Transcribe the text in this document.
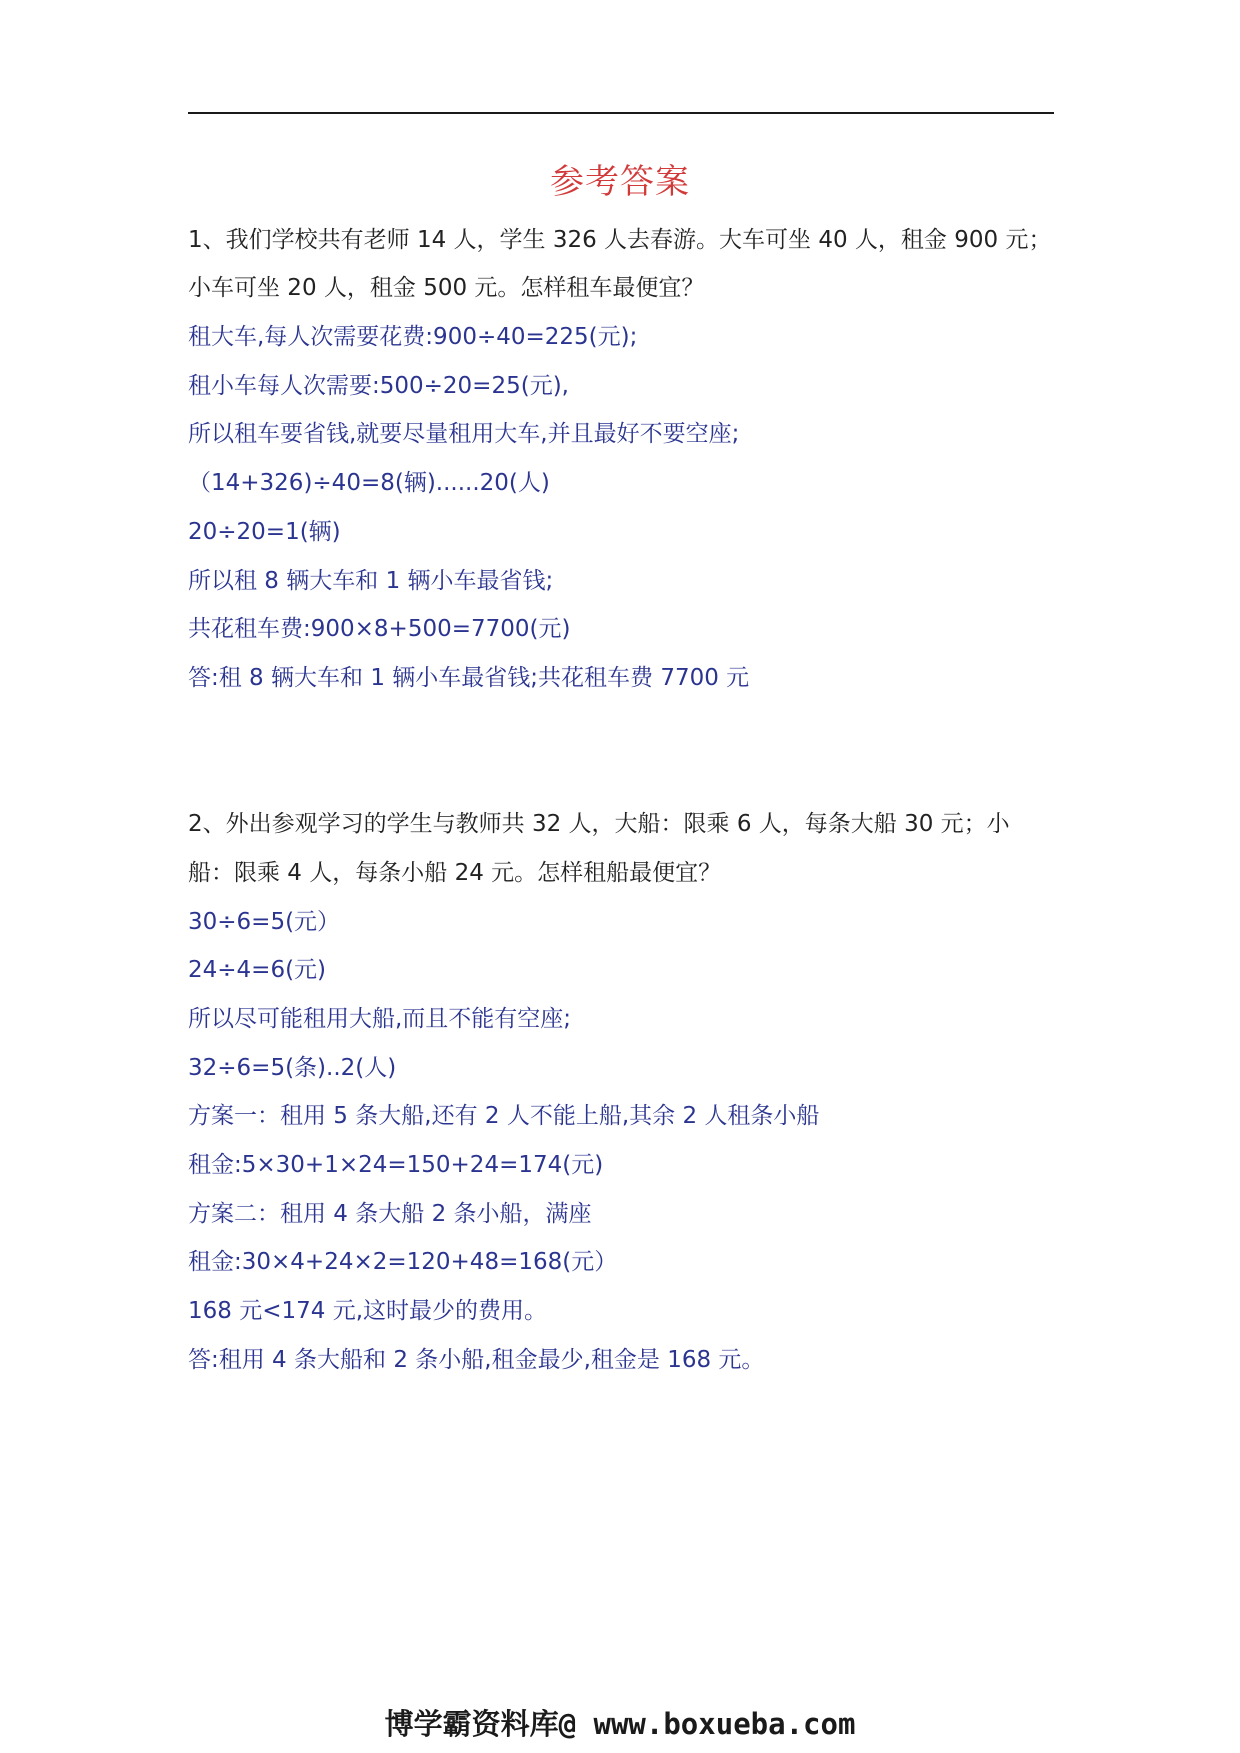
参考答案
1、我们学校共有老师 14 人，学生 326 人去春游。大车可坐 40 人，租金 900 元；
小车可坐 20 人，租金 500 元。怎样租车最便宜？
租大车,每人次需要花费:900÷40=225(元);
租小车每人次需要:500÷20=25(元),
所以租车要省钱,就要尽量租用大车,并且最好不要空座;
（14+326)÷40=8(辆)......20(人)
20÷20=1(辆)
所以租 8 辆大车和 1 辆小车最省钱;
共花租车费:900×8+500=7700(元)
答:租 8 辆大车和 1 辆小车最省钱;共花租车费 7700 元
2、外出参观学习的学生与教师共 32 人，大船：限乘 6 人，每条大船 30 元；小
船：限乘 4 人，每条小船 24 元。怎样租船最便宜？
30÷6=5(元）
24÷4=6(元)
所以尽可能租用大船,而且不能有空座;
32÷6=5(条)..2(人)
方案一：租用 5 条大船,还有 2 人不能上船,其余 2 人租条小船
租金:5×30+1×24=150+24=174(元)
方案二：租用 4 条大船 2 条小船，满座
租金:30×4+24×2=120+48=168(元）
168 元<174 元,这时最少的费用。
答:租用 4 条大船和 2 条小船,租金最少,租金是 168 元。
博学霸资料库@ www.boxueba.com
